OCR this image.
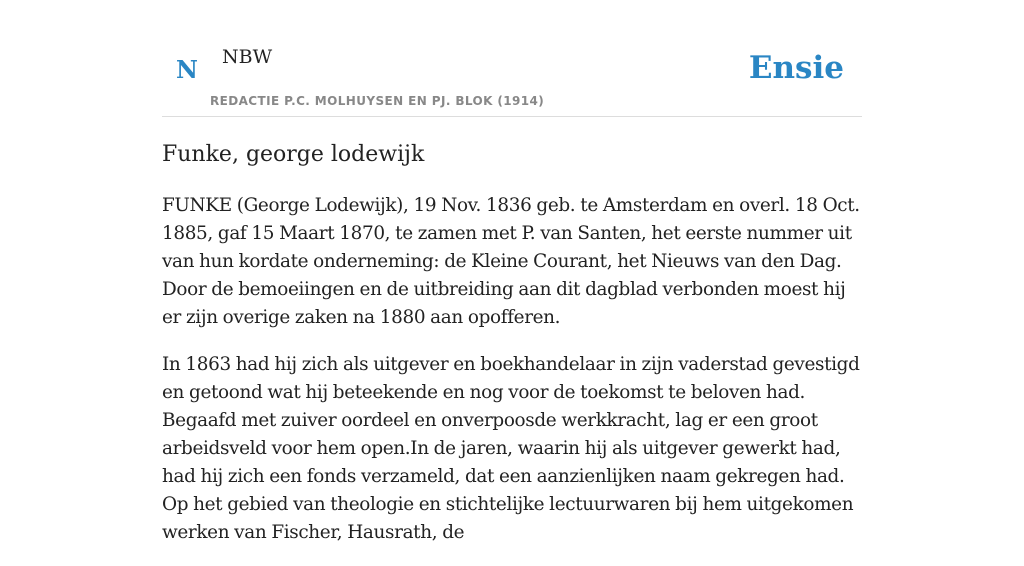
N NBW
REDACTIE P.C. MOLHUYSEN EN PJ. BLOK (1914)
Ensie
Funke, george lodewijk

FUNKE (George Lodewijk), 19 Nov. 1836 geb. te Amsterdam en overl. 18 Oct. 1885, gaf 15 Maart 1870, te zamen met P. van Santen, het eerste nummer uit van hun kordate onderneming: de Kleine Courant, het Nieuws van den Dag. Door de bemoeiingen en de uitbreiding aan dit dagblad verbonden moest hij er zijn overige zaken na 1880 aan opofferen.

In 1863 had hij zich als uitgever en boekhandelaar in zijn vaderstad gevestigd en getoond wat hij beteekende en nog voor de toekomst te beloven had. Begaafd met zuiver oordeel en onverpoosde werkkracht, lag er een groot arbeidsveld voor hem open.In de jaren, waarin hij als uitgever gewerkt had, had hij zich een fonds verzameld, dat een aanzienlijken naam gekregen had. Op het gebied van theologie en stichtelijke lectuurwaren bij hem uitgekomen werken van Fischer, Hausrath, de
